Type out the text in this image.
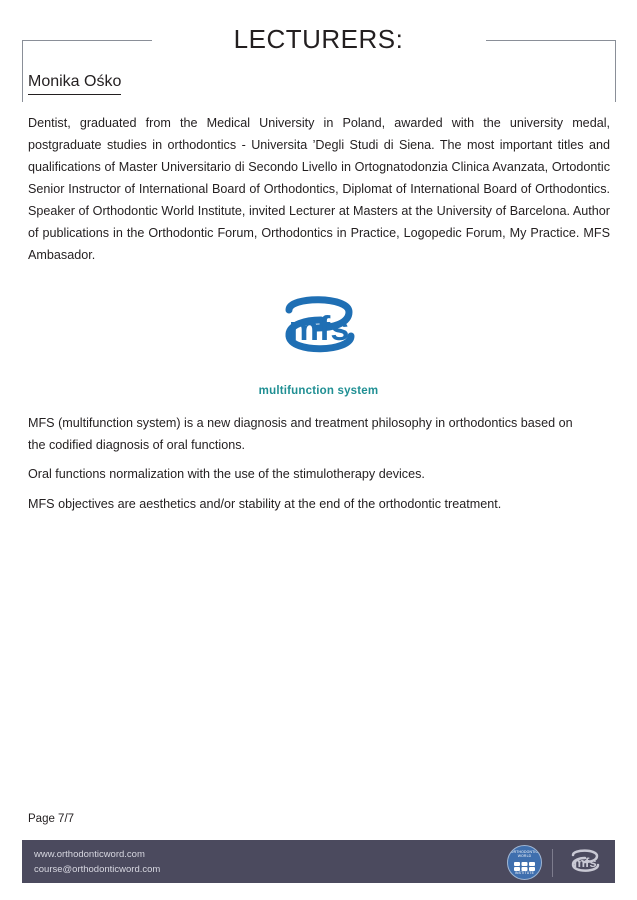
LECTURERS:
Monika Ośko
Dentist, graduated from the Medical University in Poland, awarded with the university medal, postgraduate studies in orthodontics - Universita ’Degli Studi di Siena. The most important titles and qualifications of Master Universitario di Secondo Livello in Ortognatodonzia Clinica Avanzata, Ortodontic Senior Instructor of International Board of Orthodontics, Diplomat of International Board of Orthodontics. Speaker of Orthodontic World Institute, invited Lecturer at Masters at the University of Barcelona. Author of publications in the Orthodontic Forum, Orthodontics in Practice, Logopedic Forum, My Practice. MFS Ambasador.
mfs
multifunction system
MFS (multifunction system) is a new diagnosis and treatment philosophy in orthodontics based on the codified diagnosis of oral functions.
Oral functions normalization with the use of the stimulotherapy devices.
MFS objectives are aesthetics and/or stability at the end of the orthodontic treatment.
Page 7/7
www.orthodonticword.com
course@orthodonticword.com
ORTHODONTIC WORLD
INSTITUTE
mfs
